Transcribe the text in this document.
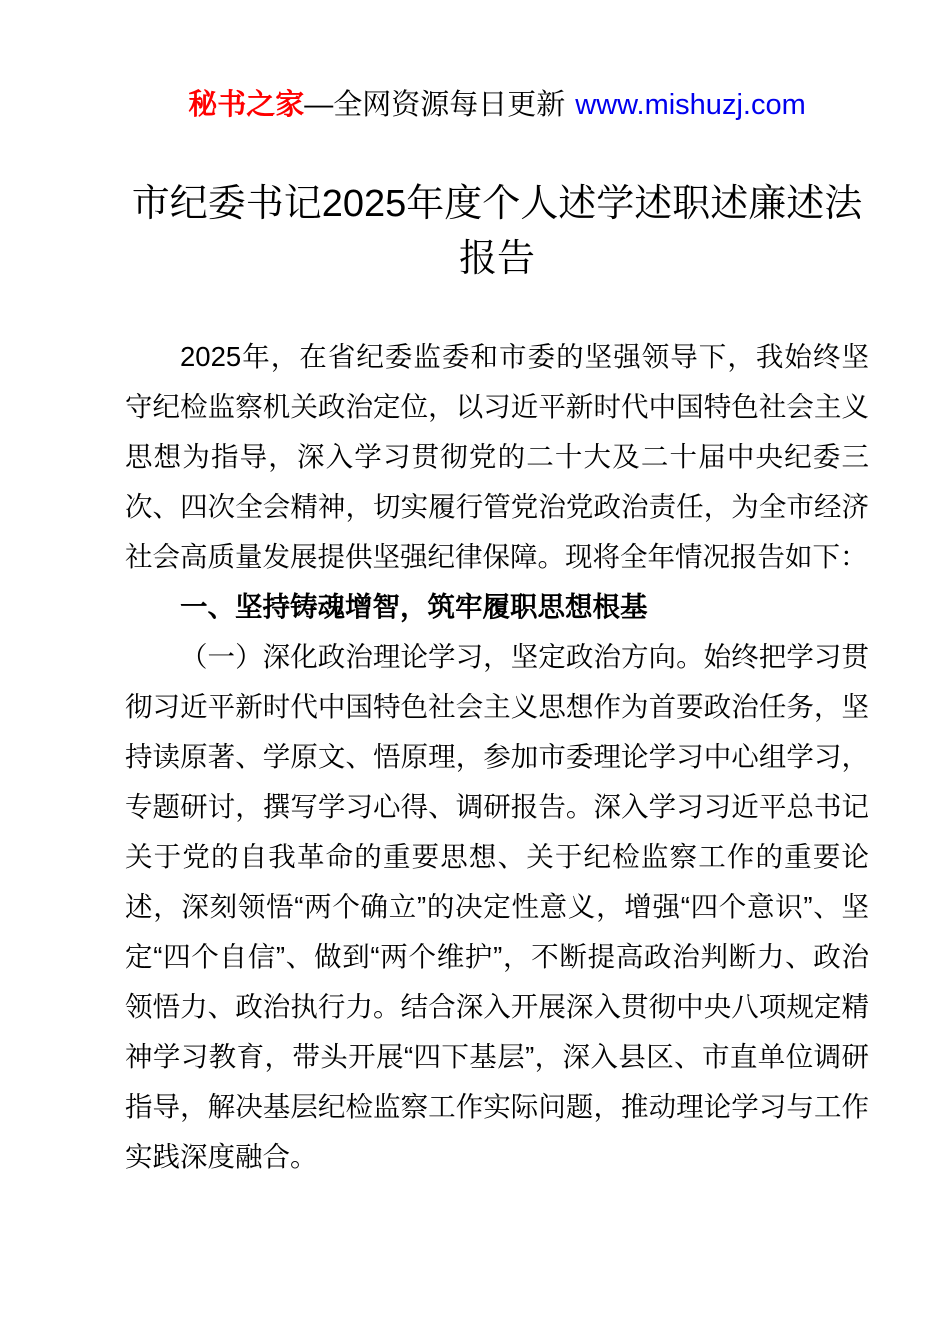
秘书之家—全网资源每日更新 www.mishuzj.com
市纪委书记2025年度个人述学述职述廉述法报告

2025年，在省纪委监委和市委的坚强领导下，我始终坚守纪检监察机关政治定位，以习近平新时代中国特色社会主义思想为指导，深入学习贯彻党的二十大及二十届中央纪委三次、四次全会精神，切实履行管党治党政治责任，为全市经济社会高质量发展提供坚强纪律保障。现将全年情况报告如下：

一、坚持铸魂增智，筑牢履职思想根基

（一）深化政治理论学习，坚定政治方向。始终把学习贯彻习近平新时代中国特色社会主义思想作为首要政治任务，坚持读原著、学原文、悟原理，参加市委理论学习中心组学习，专题研讨，撰写学习心得、调研报告。深入学习习近平总书记关于党的自我革命的重要思想、关于纪检监察工作的重要论述，深刻领悟“两个确立”的决定性意义，增强“四个意识”、坚定“四个自信”、做到“两个维护”，不断提高政治判断力、政治领悟力、政治执行力。结合深入开展深入贯彻中央八项规定精神学习教育，带头开展“四下基层”，深入县区、市直单位调研指导，解决基层纪检监察工作实际问题，推动理论学习与工作实践深度融合。
